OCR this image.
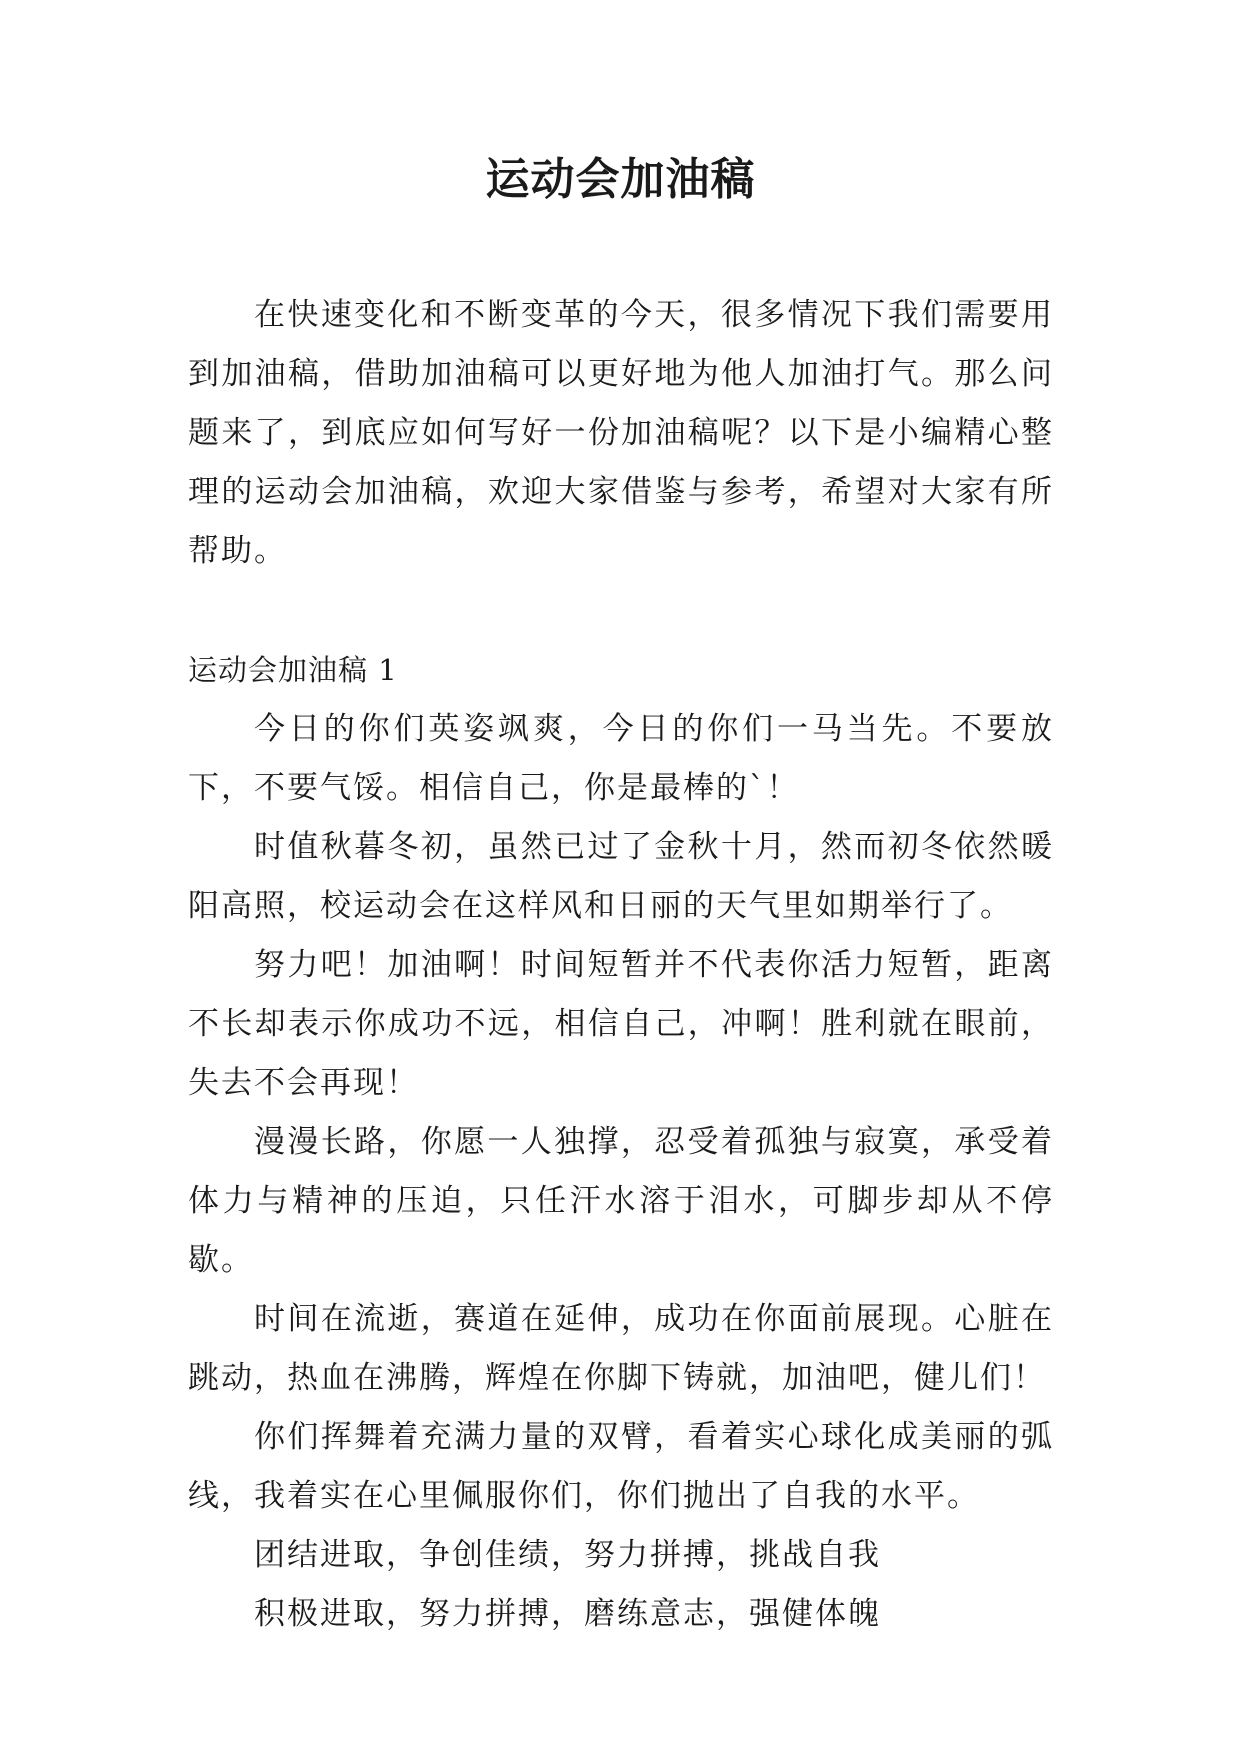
运动会加油稿

在快速变化和不断变革的今天，很多情况下我们需要用到加油稿，借助加油稿可以更好地为他人加油打气。那么问题来了，到底应如何写好一份加油稿呢？以下是小编精心整理的运动会加油稿，欢迎大家借鉴与参考，希望对大家有所帮助。

运动会加油稿 1

今日的你们英姿飒爽，今日的你们一马当先。不要放下，不要气馁。相信自己，你是最棒的`！

时值秋暮冬初，虽然已过了金秋十月，然而初冬依然暖阳高照，校运动会在这样风和日丽的天气里如期举行了。

努力吧！加油啊！时间短暂并不代表你活力短暂，距离不长却表示你成功不远，相信自己，冲啊！胜利就在眼前，失去不会再现！

漫漫长路，你愿一人独撑，忍受着孤独与寂寞，承受着体力与精神的压迫，只任汗水溶于泪水，可脚步却从不停歇。

时间在流逝，赛道在延伸，成功在你面前展现。心脏在跳动，热血在沸腾，辉煌在你脚下铸就，加油吧，健儿们！

你们挥舞着充满力量的双臂，看着实心球化成美丽的弧线，我着实在心里佩服你们，你们抛出了自我的水平。

团结进取，争创佳绩，努力拼搏，挑战自我

积极进取，努力拼搏，磨练意志，强健体魄
